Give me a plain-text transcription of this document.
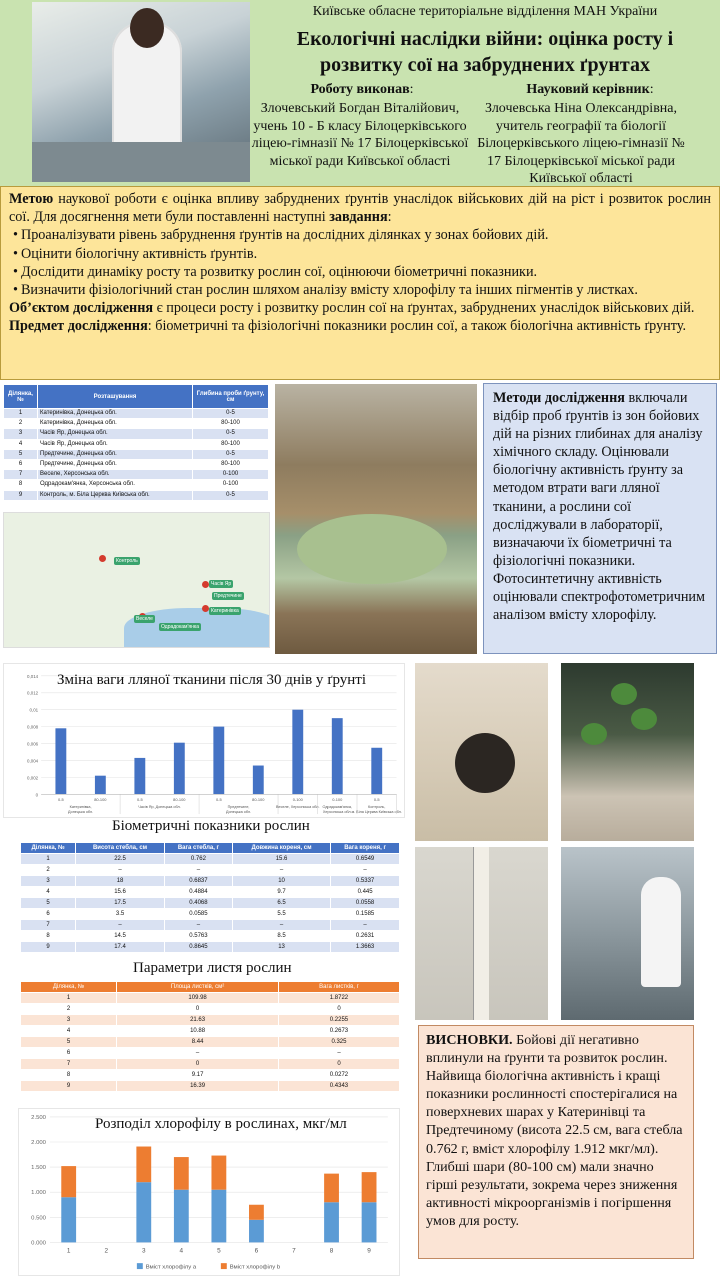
Київське обласне територіальне відділення МАН України
Екологічні наслідки війни: оцінка росту і розвитку сої на забруднених ґрунтах
Роботу виконав:
Злочевський Богдан Віталійович, учень 10 - Б класу Білоцерківського ліцею-гімназії № 17 Білоцерківської міської ради Київської області
Науковий керівник:
Злочевська Ніна Олександрівна, учитель географії та біології Білоцерківського ліцею-гімназії № 17 Білоцерківської міської ради Київської області

Метою наукової роботи є оцінка впливу забруднених ґрунтів унаслідок військових дій на ріст і розвиток рослин сої. Для досягнення мети були поставленні наступні завдання:

• Проаналізувати рівень забруднення ґрунтів на дослідних ділянках у зонах бойових дій.
• Оцінити біологічну активність ґрунтів.
• Дослідити динаміку росту та розвитку рослин сої, оцінюючи біометричні показники.
• Визначити фізіологічний стан рослин шляхом аналізу вмісту хлорофілу та інших пігментів у листках.

Об’єктом дослідження є процеси росту і розвитку рослин сої на ґрунтах, забруднених унаслідок військових дій.

Предмет дослідження: біометричні та фізіологічні показники рослин сої, а також біологічна активність ґрунту.

Ділянка, №	Розташування	Глибина проби ґрунту, см
1	Катеринівка, Донецька обл.	0-5
2	Катеринівка, Донецька обл.	80-100
3	Часів Яр, Донецька обл.	0-5
4	Часів Яр, Донецька обл.	80-100
5	Предтечине, Донецька обл.	0-5
6	Предтечине, Донецька обл.	80-100
7	Веселе, Херсонська обл.	0-100
8	Одрадокам'янка, Херсонська обл.	0-100
9	Контроль, м. Біла Церква Київська обл.	0-5
Контроль
Часів Яр
Предтечине
Катеринівка
Веселе
Одрадокам'янка
Методи дослідження включали відбір проб ґрунтів із зон бойових дій на різних глибинах для аналізу хімічного складу. Оцінювали біологічну активність ґрунту за методом втрати ваги лляної тканини, а рослини сої досліджували в лабораторії, визначаючи їх біометричні та фізіологічні показники. Фотосинтетичну активність оцінювали спектрофотометричним аналізом вмісту хлорофілу.
0
0,002
0,004
0,006
0,008
0,01
0,012
0,014
0-5	80-100	0-5	80-100	0-5	80-100	0-100	0-100	0-5
Катеринівка,
Донецька обл.
Часів Яр, Донецька обл.	Предтечине,
Донецька обл.
Веселе, Херсонська обл. Одрадокам'янка,
Херсонська обл.
Контроль,
м. Біла Церква Київська обл.
Зміна ваги лляної тканини після 30 днів у ґрунті
Біометричні показники рослин
Ділянка, №	Висота стебла, см	Вага стебла, г	Довжина кореня, см	Вага кореня, г
1	22.5	0.762	15.6	0.6549
2	–	–	–	–
3	18	0.6837	10	0.5337
4	15.6	0.4884	9.7	0.445
5	17.5	0.4068	6.5	0.0558
6	3.5	0.0585	5.5	0.1585
7	–	–	–	–
8	14.5	0.5763	8.5	0.2631
9	17.4	0.8645	13	1.3663
Параметри листя рослин
Ділянка, №	Площа листків, см²	Вага листків, г
1	109.98	1.8722
2	0	0
3	21.63	0.2255
4	10.88	0.2673
5	8.44	0.325
6	–	–
7	0	0
8	9.17	0.0272
9	16.39	0.4343
0.000
0.500
1.000
1.500
2.000
2.500
1	2	3	4	5	6	7	8	9
Вміст хлорофілу a	Вміст хлорофілу b
Розподіл хлорофілу в рослинах, мкг/мл
ВИСНОВКИ. Бойові дії негативно вплинули на ґрунти та розвиток рослин. Найвища біологічна активність і кращі показники рослинності спостерігалися на поверхневих шарах у Катеринівці та Предтечиному (висота 22.5 см, вага стебла 0.762 г, вміст хлорофілу 1.912 мкг/мл). Глибші шари (80-100 см) мали значно гірші результати, зокрема через зниження активності мікроорганізмів і погіршення умов для росту.
